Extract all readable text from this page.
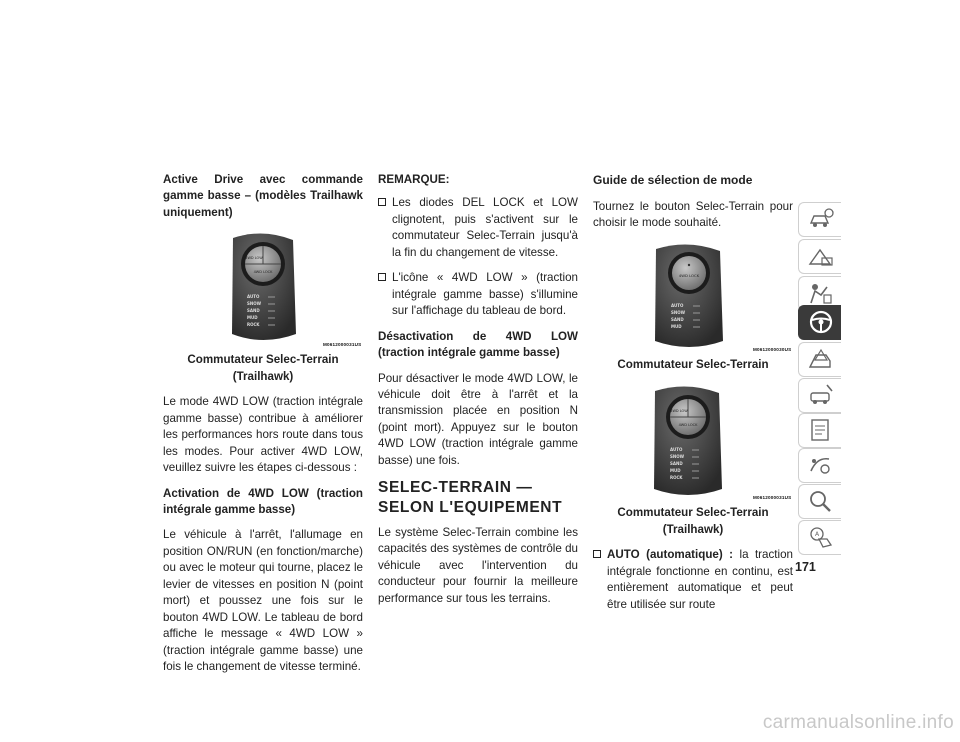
Active Drive avec commande gamme basse – (modèles Trailhawk uniquement)

4WD LOW
4WD LOCK
AUTO
SNOW
SAND
MUD
ROCK
M0612000031US
Commutateur Selec-Terrain (Trailhawk)

Le mode 4WD LOW (traction intégrale gamme basse) contribue à améliorer les performances hors route dans tous les modes. Pour activer 4WD LOW, veuillez suivre les étapes ci-dessous :

Activation de 4WD LOW (traction intégrale gamme basse)

Le véhicule à l'arrêt, l'allumage en position ON/RUN (en fonction/marche) ou avec le moteur qui tourne, placez le levier de vitesses en position N (point mort) et poussez une fois sur le bouton 4WD LOW. Le tableau de bord affiche le message « 4WD LOW » (traction intégrale gamme basse) une fois le changement de vitesse terminé.

REMARQUE:

Les diodes DEL LOCK et LOW clignotent, puis s'activent sur le commutateur Selec-Terrain jusqu'à la fin du changement de vitesse.
L'icône « 4WD LOW » (traction intégrale gamme basse) s'illumine sur l'affichage du tableau de bord.

Désactivation de 4WD LOW (traction intégrale gamme basse)

Pour désactiver le mode 4WD LOW, le véhicule doit être à l'arrêt et la transmission placée en position N (point mort). Appuyez sur le bouton 4WD LOW (traction intégrale gamme basse) une fois.

SELEC-TERRAIN — SELON L'EQUIPEMENT

Le système Selec-Terrain combine les capacités des systèmes de contrôle du véhicule avec l'intervention du conducteur pour fournir la meilleure performance sur tous les terrains.

Guide de sélection de mode

Tournez le bouton Selec-Terrain pour choisir le mode souhaité.

4WD LOCK
AUTO
SNOW
SAND
MUD
M0612000030US
Commutateur Selec-Terrain
4WD LOW
4WD LOCK
AUTO
SNOW
SAND
MUD
ROCK
M0612000031US
Commutateur Selec-Terrain (Trailhawk)
AUTO (automatique) : la traction intégrale fonctionne en continu, est entièrement automatique et peut être utilisée sur route
A
171
carmanualsonline.info
